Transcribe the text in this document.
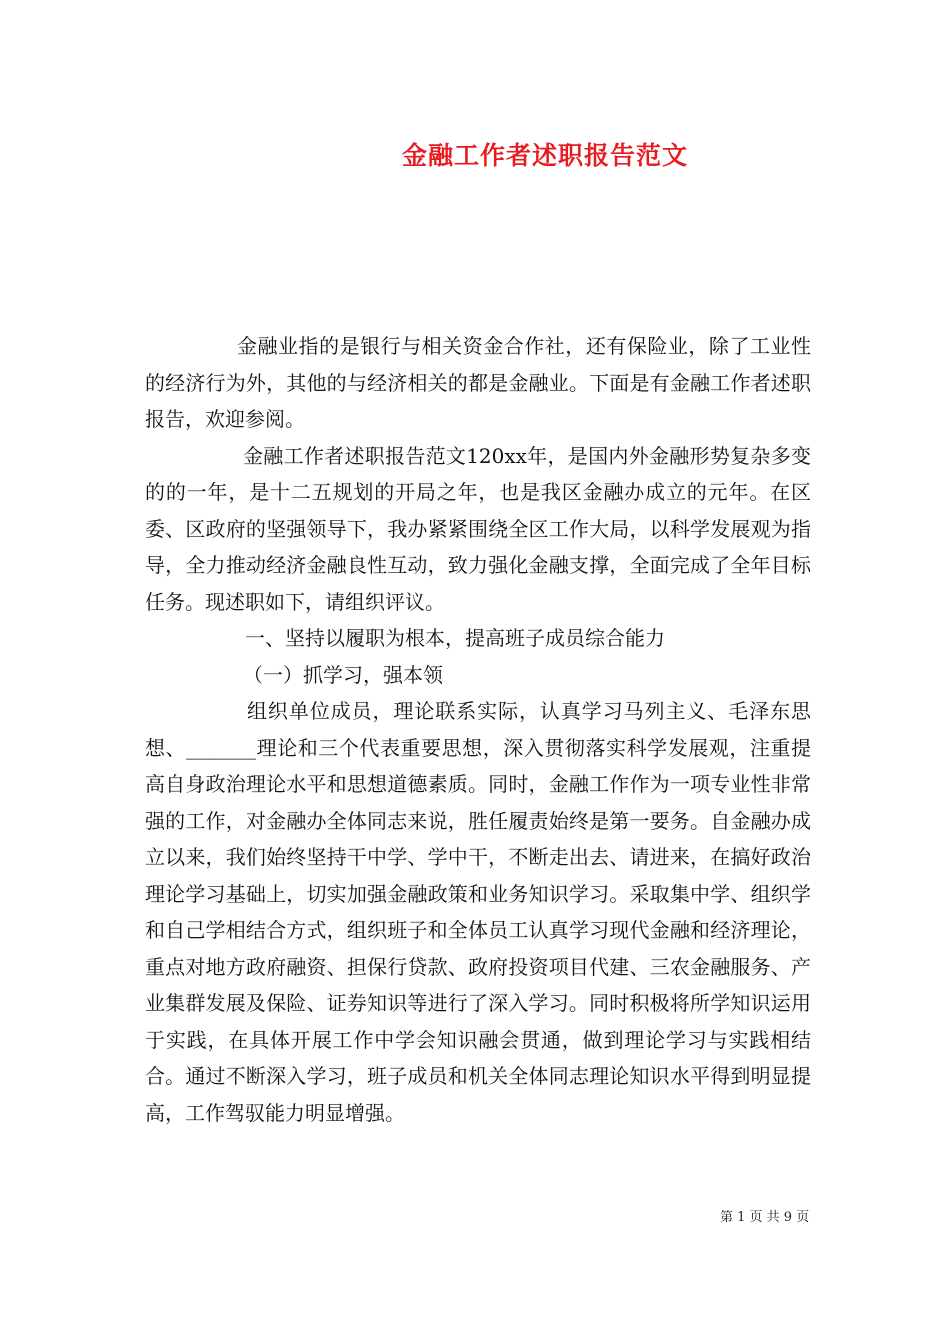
金融工作者述职报告范文

金融业指的是银行与相关资金合作社，还有保险业，除了工业性的经济行为外，其他的与经济相关的都是金融业。下面是有金融工作者述职报告，欢迎参阅。

金融工作者述职报告范文120xx年，是国内外金融形势复杂多变的的一年，是十二五规划的开局之年，也是我区金融办成立的元年。在区委、区政府的坚强领导下，我办紧紧围绕全区工作大局，以科学发展观为指导，全力推动经济金融良性互动，致力强化金融支撑，全面完成了全年目标任务。现述职如下，请组织评议。

一、坚持以履职为根本，提高班子成员综合能力

（一）抓学习，强本领

组织单位成员，理论联系实际，认真学习马列主义、毛泽东思想、_______理论和三个代表重要思想，深入贯彻落实科学发展观，注重提高自身政治理论水平和思想道德素质。同时，金融工作作为一项专业性非常强的工作，对金融办全体同志来说，胜任履责始终是第一要务。自金融办成立以来，我们始终坚持干中学、学中干，不断走出去、请进来，在搞好政治理论学习基础上，切实加强金融政策和业务知识学习。采取集中学、组织学和自己学相结合方式，组织班子和全体员工认真学习现代金融和经济理论，重点对地方政府融资、担保行贷款、政府投资项目代建、三农金融服务、产业集群发展及保险、证券知识等进行了深入学习。同时积极将所学知识运用于实践，在具体开展工作中学会知识融会贯通，做到理论学习与实践相结合。通过不断深入学习，班子成员和机关全体同志理论知识水平得到明显提高，工作驾驭能力明显增强。

第 1 页 共 9 页
